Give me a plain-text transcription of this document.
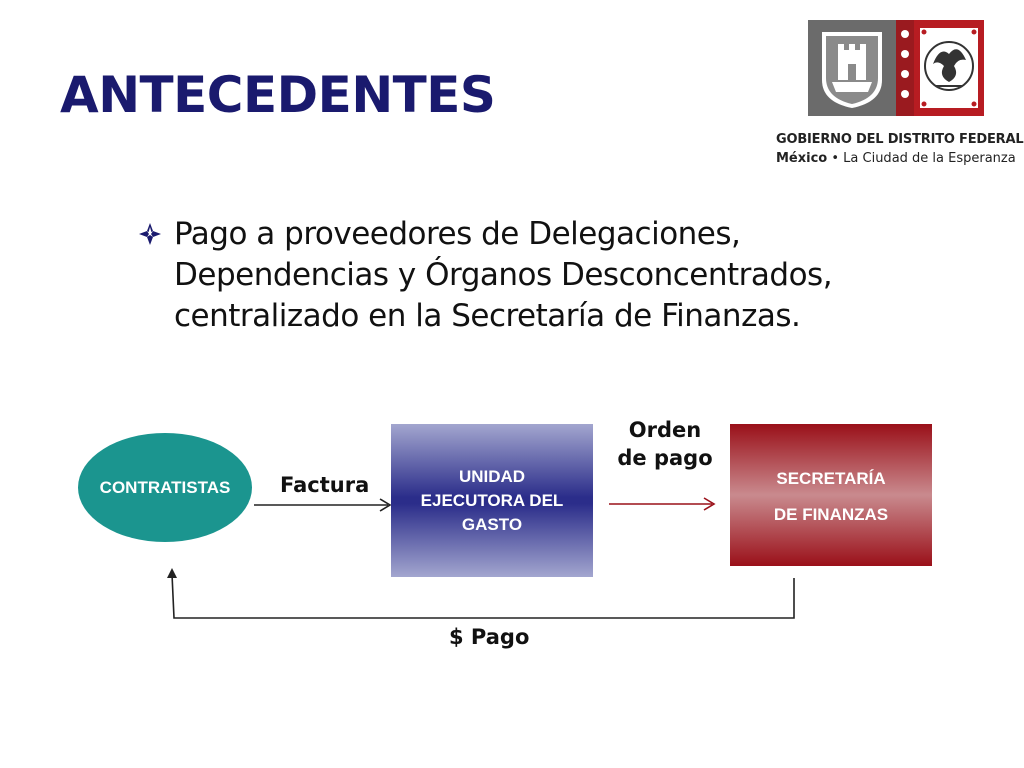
ANTECEDENTES
GOBIERNO DEL DISTRITO FEDERAL
México • La Ciudad de la Esperanza

Pago a proveedores de Delegaciones,
Dependencias y Órganos Desconcentrados,
centralizado en la Secretaría de Finanzas.

CONTRATISTAS
UNIDAD
EJECUTORA DEL
GASTO
SECRETARÍA
DE FINANZAS
Factura
Orden
de pago
$ Pago
